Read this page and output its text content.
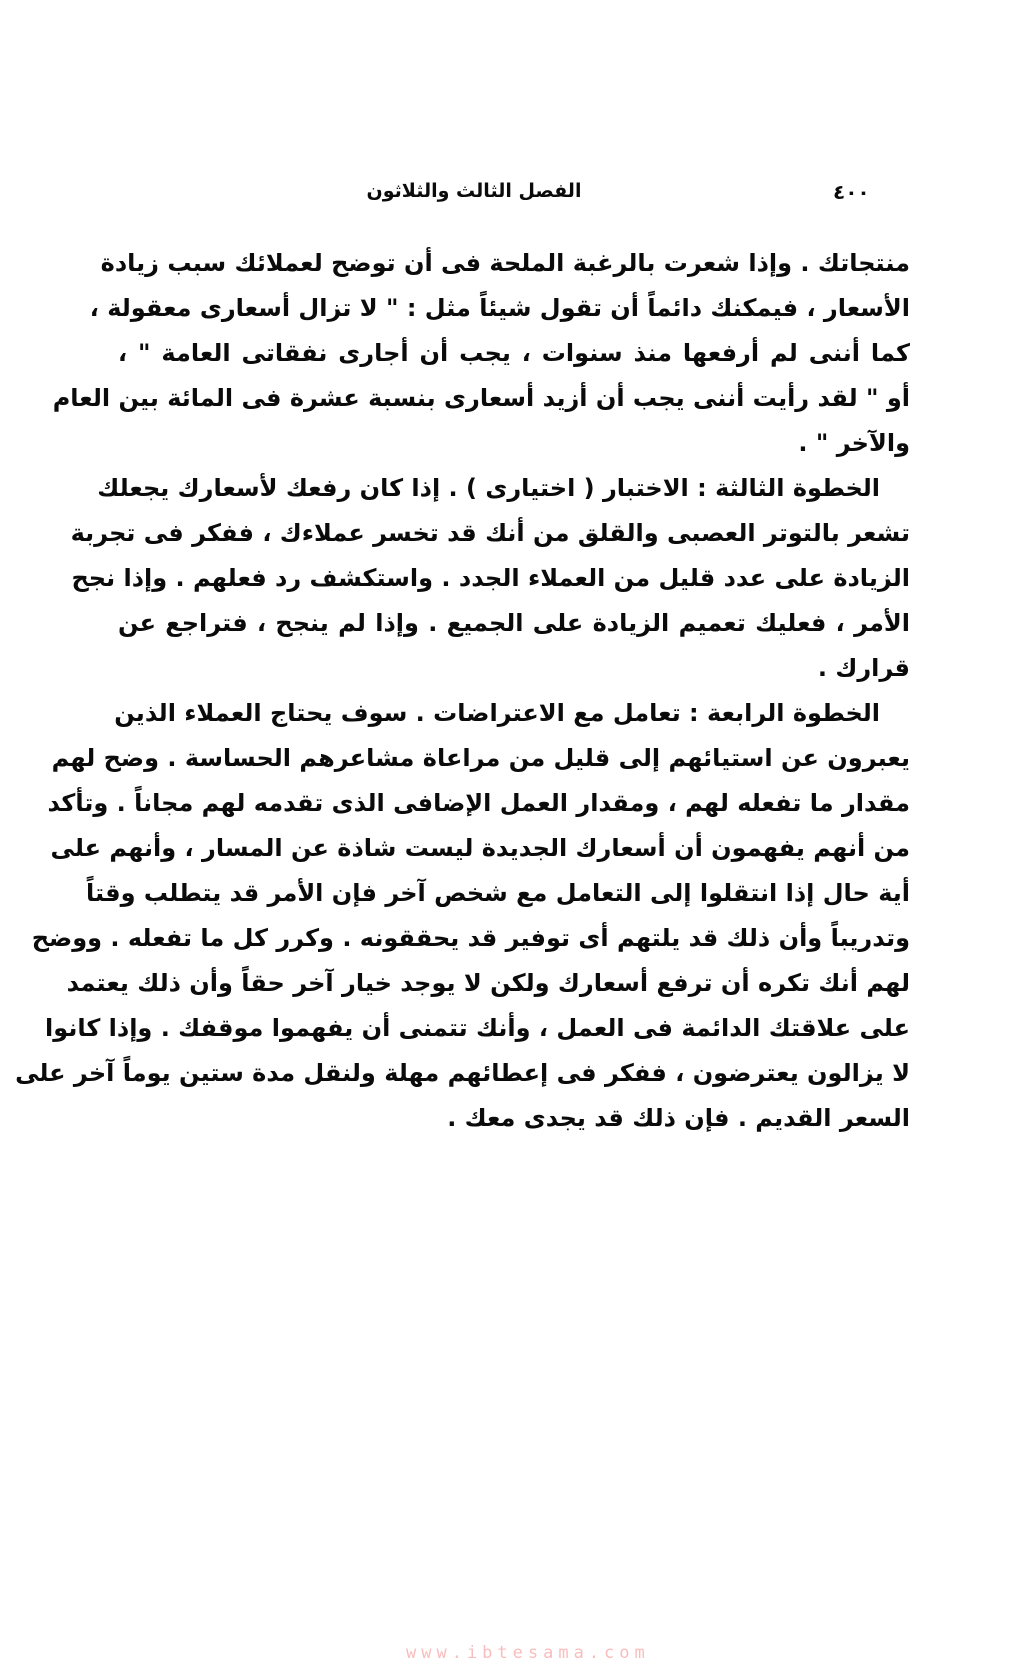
الفصل الثالث والثلاثون	٤٠٠
منتجاتك . وإذا شعرت بالرغبة الملحة فى أن توضح لعملائك سبب زيادة
الأسعار ، فيمكنك دائماً أن تقول شيئاً مثل : " لا تزال أسعارى معقولة ،
كما أننى لم أرفعها منذ سنوات ، يجب أن أجارى نفقاتى العامة " ،
أو " لقد رأيت أننى يجب أن أزيد أسعارى بنسبة عشرة فى المائة بين العام
والآخر " .
الخطوة الثالثة : الاختبار ( اختيارى ) . إذا كان رفعك لأسعارك يجعلك
تشعر بالتوتر العصبى والقلق من أنك قد تخسر عملاءك ، ففكر فى تجربة
الزيادة على عدد قليل من العملاء الجدد . واستكشف رد فعلهم . وإذا نجح
الأمر ، فعليك تعميم الزيادة على الجميع . وإذا لم ينجح ، فتراجع عن
قرارك .
الخطوة الرابعة : تعامل مع الاعتراضات . سوف يحتاج العملاء الذين
يعبرون عن استيائهم إلى قليل من مراعاة مشاعرهم الحساسة . وضح لهم
مقدار ما تفعله لهم ، ومقدار العمل الإضافى الذى تقدمه لهم مجاناً . وتأكد
من أنهم يفهمون أن أسعارك الجديدة ليست شاذة عن المسار ، وأنهم على
أية حال إذا انتقلوا إلى التعامل مع شخص آخر فإن الأمر قد يتطلب وقتاً
وتدريباً وأن ذلك قد يلتهم أى توفير قد يحققونه . وكرر كل ما تفعله . ووضح
لهم أنك تكره أن ترفع أسعارك ولكن لا يوجد خيار آخر حقاً وأن ذلك يعتمد
على علاقتك الدائمة فى العمل ، وأنك تتمنى أن يفهموا موقفك . وإذا كانوا
لا يزالون يعترضون ، ففكر فى إعطائهم مهلة ولنقل مدة ستين يوماً آخر على
السعر القديم . فإن ذلك قد يجدى معك .
www.ibtesama.com
